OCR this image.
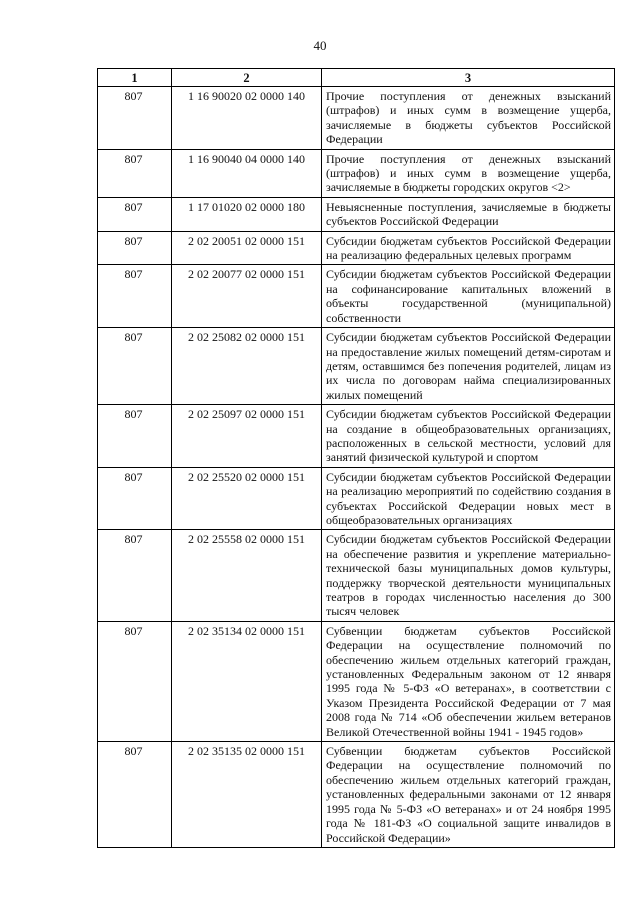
40
1	2	3
807	1 16 90020 02 0000 140	Прочие поступления от денежных взысканий (штрафов) и иных сумм в возмещение ущерба, зачисляемые в бюджеты субъектов Российской Федерации
807	1 16 90040 04 0000 140	Прочие поступления от денежных взысканий (штрафов) и иных сумм в возмещение ущерба, зачисляемые в бюджеты городских округов <2>
807	1 17 01020 02 0000 180	Невыясненные поступления, зачисляемые в бюджеты субъектов Российской Федерации
807	2 02 20051 02 0000 151	Субсидии бюджетам субъектов Российской Федерации на реализацию федеральных целевых программ
807	2 02 20077 02 0000 151	Субсидии бюджетам субъектов Российской Федерации на софинансирование капитальных вложений в объекты государственной (муниципальной) собственности
807	2 02 25082 02 0000 151	Субсидии бюджетам субъектов Российской Федерации на предоставление жилых помещений детям-сиротам и детям, оставшимся без попечения родителей, лицам из их числа по договорам найма специализированных жилых помещений
807	2 02 25097 02 0000 151	Субсидии бюджетам субъектов Российской Федерации на создание в общеобразовательных организациях, расположенных в сельской местности, условий для занятий физической культурой и спортом
807	2 02 25520 02 0000 151	Субсидии бюджетам субъектов Российской Федерации на реализацию мероприятий по содействию создания в субъектах Российской Федерации новых мест в общеобразовательных организациях
807	2 02 25558 02 0000 151	Субсидии бюджетам субъектов Российской Федерации на обеспечение развития и укрепление материально-технической базы муниципальных домов культуры, поддержку творческой деятельности муниципальных театров в городах численностью населения до 300 тысяч человек
807	2 02 35134 02 0000 151	Субвенции бюджетам субъектов Российской Федерации на осуществление полномочий по обеспечению жильем отдельных категорий граждан, установленных Федеральным законом от 12 января 1995 года № 5-ФЗ «О ветеранах», в соответствии с Указом Президента Российской Федерации от 7 мая 2008 года № 714 «Об обеспечении жильем ветеранов Великой Отечественной войны 1941 - 1945 годов»
807	2 02 35135 02 0000 151	Субвенции бюджетам субъектов Российской Федерации на осуществление полномочий по обеспечению жильем отдельных категорий граждан, установленных федеральными законами от 12 января 1995 года № 5-ФЗ «О ветеранах» и от 24 ноября 1995 года № 181-ФЗ «О социальной защите инвалидов в Российской Федерации»
